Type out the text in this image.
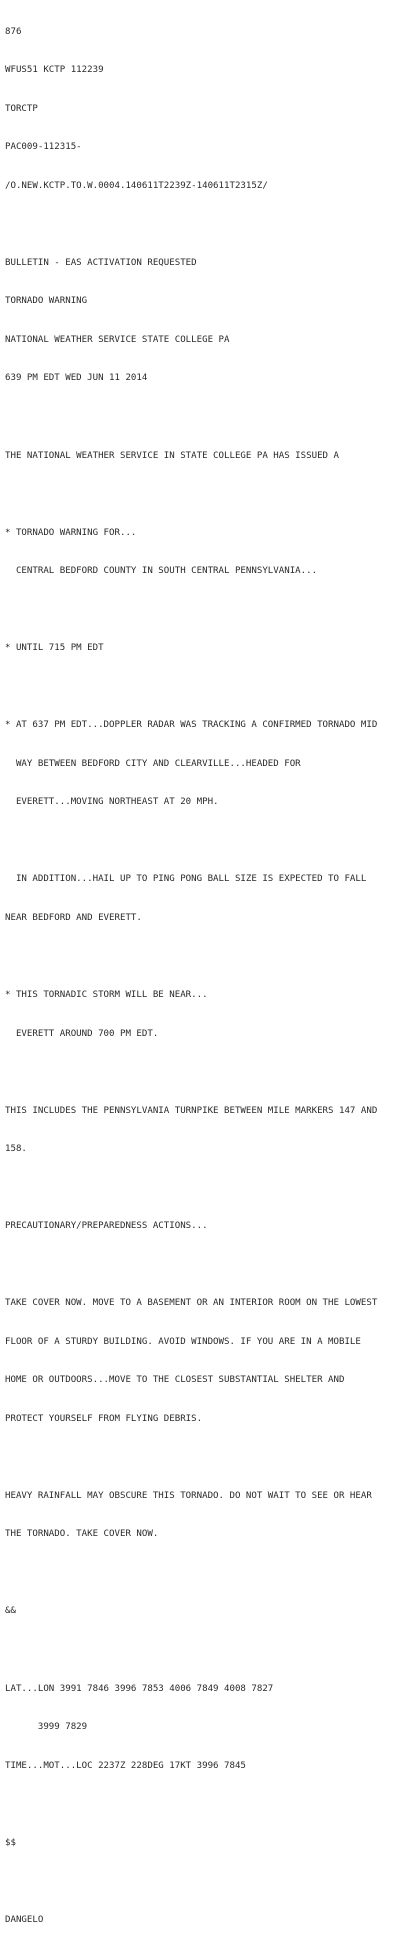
876

WFUS51 KCTP 112239

TORCTP

PAC009-112315-

/O.NEW.KCTP.TO.W.0004.140611T2239Z-140611T2315Z/

BULLETIN - EAS ACTIVATION REQUESTED

TORNADO WARNING

NATIONAL WEATHER SERVICE STATE COLLEGE PA

639 PM EDT WED JUN 11 2014

THE NATIONAL WEATHER SERVICE IN STATE COLLEGE PA HAS ISSUED A

* TORNADO WARNING FOR...

CENTRAL BEDFORD COUNTY IN SOUTH CENTRAL PENNSYLVANIA...

* UNTIL 715 PM EDT

* AT 637 PM EDT...DOPPLER RADAR WAS TRACKING A CONFIRMED TORNADO MID

WAY BETWEEN BEDFORD CITY AND CLEARVILLE...HEADED FOR

EVERETT...MOVING NORTHEAST AT 20 MPH.

IN ADDITION...HAIL UP TO PING PONG BALL SIZE IS EXPECTED TO FALL

NEAR BEDFORD AND EVERETT.

* THIS TORNADIC STORM WILL BE NEAR...

EVERETT AROUND 700 PM EDT.

THIS INCLUDES THE PENNSYLVANIA TURNPIKE BETWEEN MILE MARKERS 147 AND

158.

PRECAUTIONARY/PREPAREDNESS ACTIONS...

TAKE COVER NOW. MOVE TO A BASEMENT OR AN INTERIOR ROOM ON THE LOWEST

FLOOR OF A STURDY BUILDING. AVOID WINDOWS. IF YOU ARE IN A MOBILE

HOME OR OUTDOORS...MOVE TO THE CLOSEST SUBSTANTIAL SHELTER AND

PROTECT YOURSELF FROM FLYING DEBRIS.

HEAVY RAINFALL MAY OBSCURE THIS TORNADO. DO NOT WAIT TO SEE OR HEAR

THE TORNADO. TAKE COVER NOW.

&&

LAT...LON 3991 7846 3996 7853 4006 7849 4008 7827

3999 7829

TIME...MOT...LOC 2237Z 228DEG 17KT 3996 7845

$$

DANGELO
